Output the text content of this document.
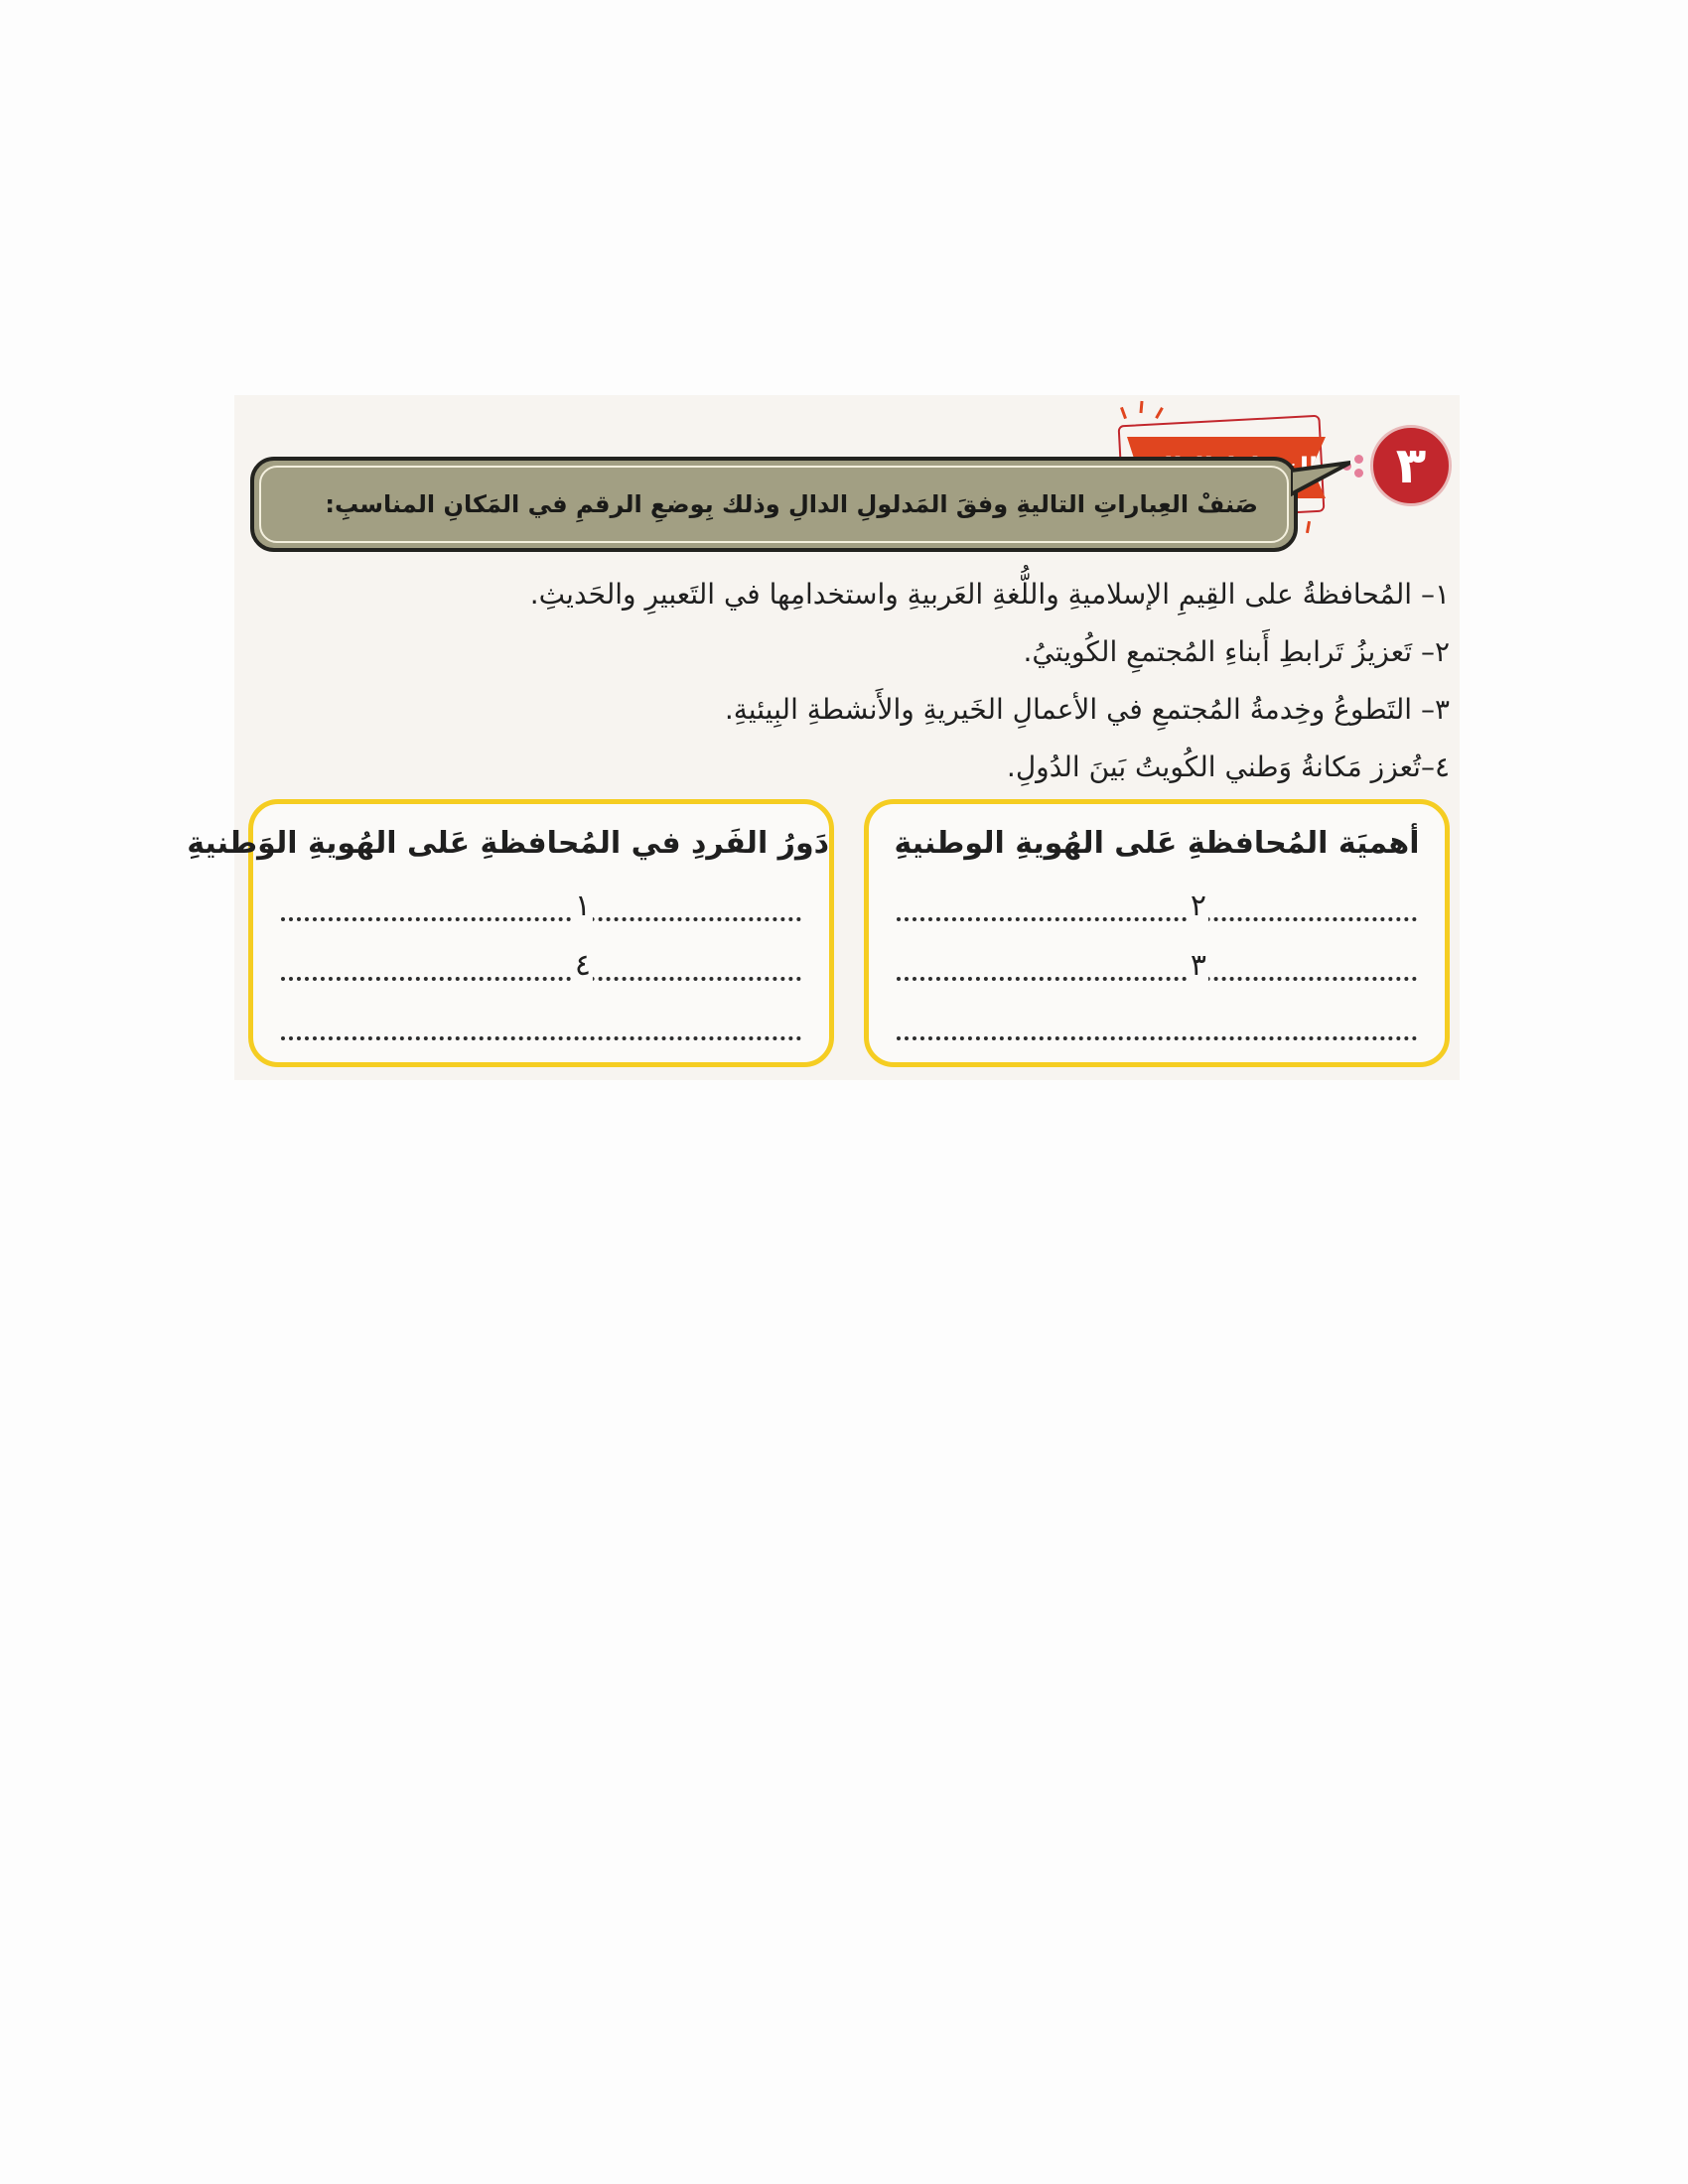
٣
صَنفْ العِباراتِ التاليةِ وفقَ المَدلولِ الدالِ وذلك بِوضعِ الرقمِ في المَكانِ المناسبِ:
١– المُحافظةُ على القِيمِ الإسلاميةِ واللُّغةِ العَربيةِ واستخدامِها في التَعبيرِ والحَديثِ.
٢– تَعزيزُ تَرابطِ أَبناءِ المُجتمعِ الكُويتيُ.
٣– التَطوعُ وخِدمةُ المُجتمعِ في الأعمالِ الخَيريةِ والأَنشطةِ البِيئيةِ.
٤–تُعزز مَكانةُ وَطني الكُويتُ بَينَ الدُولِ.
أهميَة المُحافظةِ عَلى الهُويةِ الوطنيةِ
٢
٣
دَورُ الفَردِ في المُحافظةِ عَلى الهُويةِ الوَطنيةِ
١
٤
